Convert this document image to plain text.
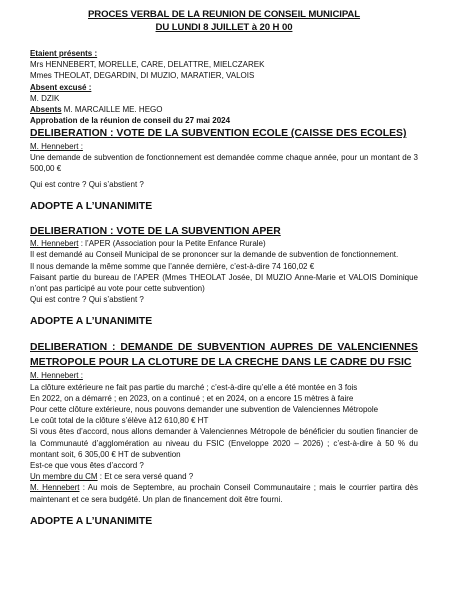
PROCES VERBAL DE LA REUNION DE CONSEIL MUNICIPAL

DU LUNDI 8 JUILLET à 20 H 00

Etaient présents :

Mrs HENNEBERT, MORELLE, CARE, DELATTRE, MIELCZAREK

Mmes THEOLAT, DEGARDIN, DI MUZIO, MARATIER, VALOIS

Absent excusé :

M. DZIK

Absents M. MARCAILLE ME. HEGO

Approbation de la réunion de conseil du 27 mai 2024

DELIBERATION : VOTE DE LA SUBVENTION ECOLE (CAISSE DES ECOLES)

M. Hennebert :

Une demande de subvention de fonctionnement est demandée comme chaque année, pour un montant de 3 500,00 €

Qui est contre ? Qui s’abstient ?

ADOPTE A L’UNANIMITE

DELIBERATION : VOTE DE LA SUBVENTION APER

M. Hennebert : l’APER (Association pour la Petite Enfance Rurale)

Il est demandé au Conseil Municipal de se prononcer sur la demande de subvention de fonctionnement.

Il nous demande la même somme que l’année dernière, c’est-à-dire 74 160,02 €

Faisant partie du bureau de l’APER (Mmes THEOLAT Josée, DI MUZIO Anne-Marie et VALOIS Dominique n’ont pas participé au vote pour cette subvention)

Qui est contre ? Qui s’abstient ?

ADOPTE A L’UNANIMITE

DELIBERATION : DEMANDE DE SUBVENTION AUPRES DE VALENCIENNES

METROPOLE POUR LA CLOTURE DE LA CRECHE DANS LE CADRE DU FSIC

M. Hennebert :

La clôture extérieure ne fait pas partie du marché ; c’est-à-dire qu’elle a été montée en 3 fois

En 2022, on a démarré ; en 2023, on a continué ; et en 2024, on a encore 15 mètres à faire

Pour cette clôture extérieure, nous pouvons demander une subvention de Valenciennes Métropole

Le coût total de la clôture s’élève à12 610,80 € HT

Si vous êtes d’accord, nous allons demander à Valenciennes Métropole de bénéficier du soutien financier de la Communauté d’agglomération au niveau du FSIC (Enveloppe 2020 – 2026) ; c’est-à-dire à 50 % du montant soit, 6 305,00 € HT de subvention

Est-ce que vous êtes d’accord ?

Un membre du CM : Et ce sera versé quand ?

M. Hennebert : Au mois de Septembre, au prochain Conseil Communautaire ; mais le courrier partira dès maintenant et ce sera budgété. Un plan de financement doit être fourni.

ADOPTE A L’UNANIMITE
